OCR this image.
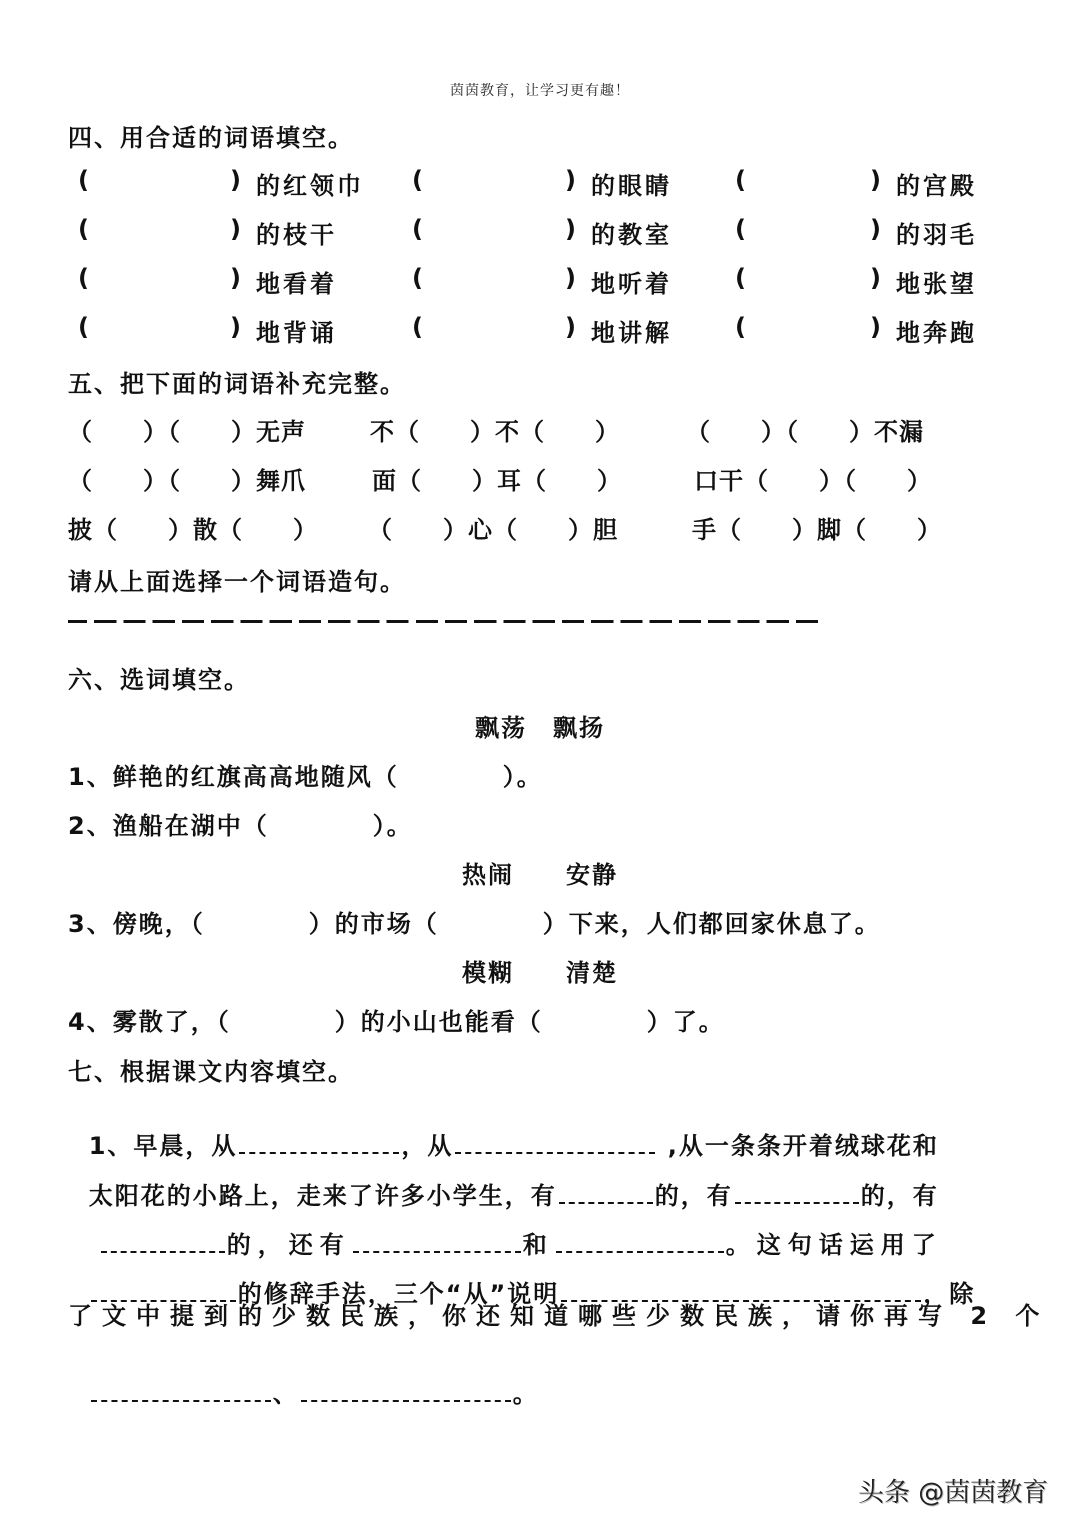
茵茵教育，让学习更有趣！
四、用合适的词语填空。
(	) 的红领巾 (	) 的眼睛	(	) 的宫殿
(	) 的枝干	(	) 的教室	(	) 的羽毛
(	) 地看着	(	) 地听着	(	) 地张望
(	) 地背诵	(	) 地讲解	(	) 地奔跑
五、把下面的词语补充完整。
（　　）（　　）无声	不（　　）不（　　）	（　　）（　　）不漏
（　　）（　　）舞爪	面（　　）耳（　　）	口干（　　）（　　）
披（　　）散（　　） （　　）心（　　）胆	手（　　）脚（　　）
请从上面选择一个词语造句。
六、选词填空。
飘荡　飘扬
1、鲜艳的红旗高高地随风（　　　　）。
2、渔船在湖中（　　　　）。
热闹　　安静
3、傍晚，（　　　　）的市场（　　　　）下来，人们都回家休息了。
模糊　　清楚
4、雾散了，（　　　　）的小山也能看（　　　　）了。
七、根据课文内容填空。

1、早晨，从	，从	,从一条条开着绒球花和

太阳花的小路上，走来了许多小学生，有	的，有	的，有

的，还有	和	。这句话运用了

的修辞手法，三个“从”说明	，除

了文中提到的少数民族，你还知道哪些少数民族，请你再写 2 个

、	。

头条 @茵茵教育
